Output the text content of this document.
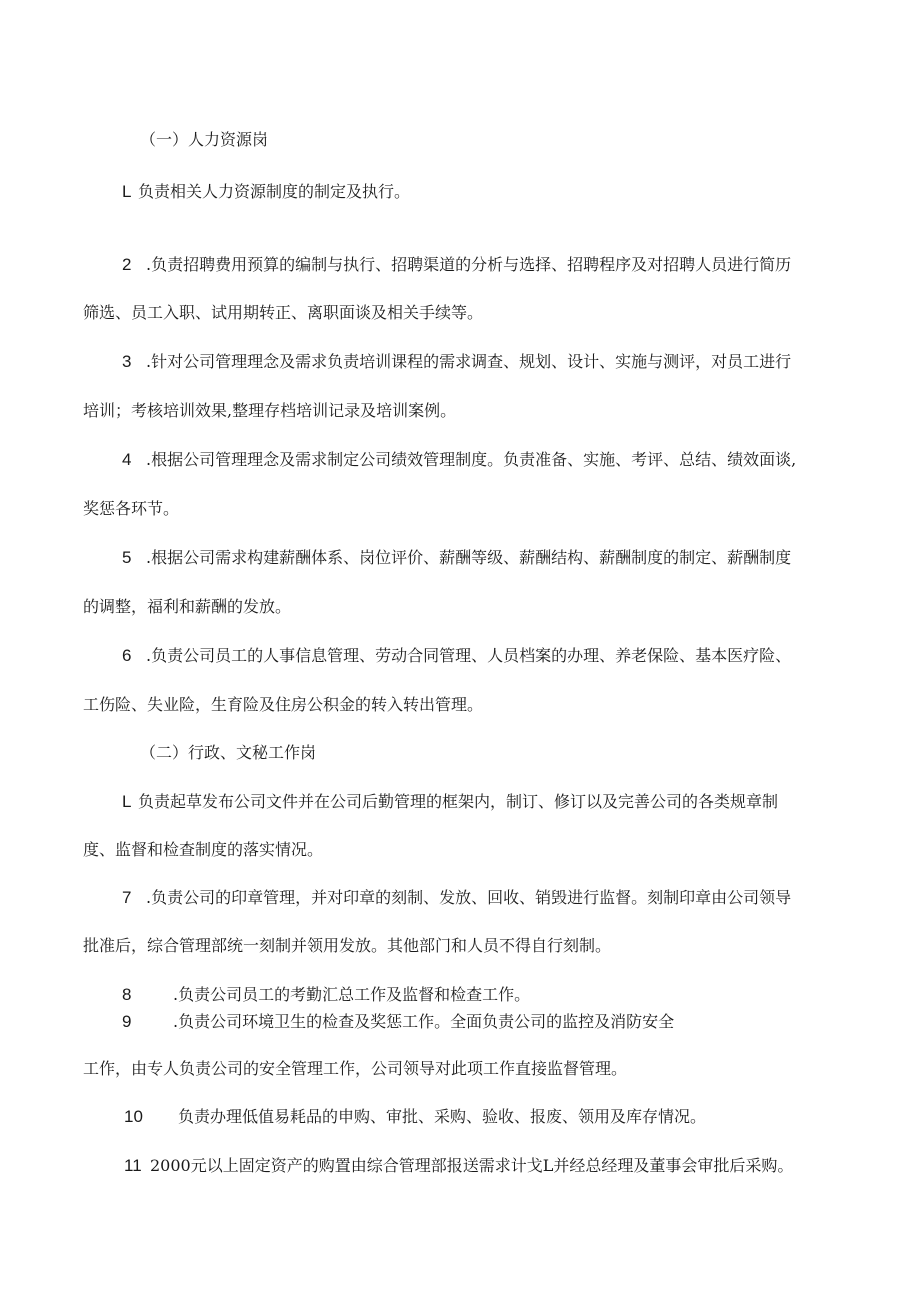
（一）人力资源岗

L 负责相关人力资源制度的制定及执行。
2 .负责招聘费用预算的编制与执行、招聘渠道的分析与选择、招聘程序及对招聘人员进行简历
筛选、员工入职、试用期转正、离职面谈及相关手续等。
3 .针对公司管理理念及需求负责培训课程的需求调查、规划、设计、实施与测评，对员工进行
培训；考核培训效果,整理存档培训记录及培训案例。
4 .根据公司管理理念及需求制定公司绩效管理制度。负责准备、实施、考评、总结、绩效面谈,
奖惩各环节。
5 .根据公司需求构建薪酬体系、岗位评价、薪酬等级、薪酬结构、薪酬制度的制定、薪酬制度
的调整，福利和薪酬的发放。
6 .负责公司员工的人事信息管理、劳动合同管理、人员档案的办理、养老保险、基本医疗险、
工伤险、失业险，生育险及住房公积金的转入转出管理。

（二）行政、文秘工作岗

L 负责起草发布公司文件并在公司后勤管理的框架内，制订、修订以及完善公司的各类规章制
度、监督和检查制度的落实情况。
7 .负责公司的印章管理，并对印章的刻制、发放、回收、销毁进行监督。刻制印章由公司领导
批准后，综合管理部统一刻制并领用发放。其他部门和人员不得自行刻制。
8	.负责公司员工的考勤汇总工作及监督和检查工作。
9	.负责公司环境卫生的检查及奖惩工作。全面负责公司的监控及消防安全
工作，由专人负责公司的安全管理工作，公司领导对此项工作直接监督管理。
10 负责办理低值易耗品的申购、审批、采购、验收、报废、领用及库存情况。
11 2000元以上固定资产的购置由综合管理部报送需求计戈L并经总经理及董事会审批后采购。
